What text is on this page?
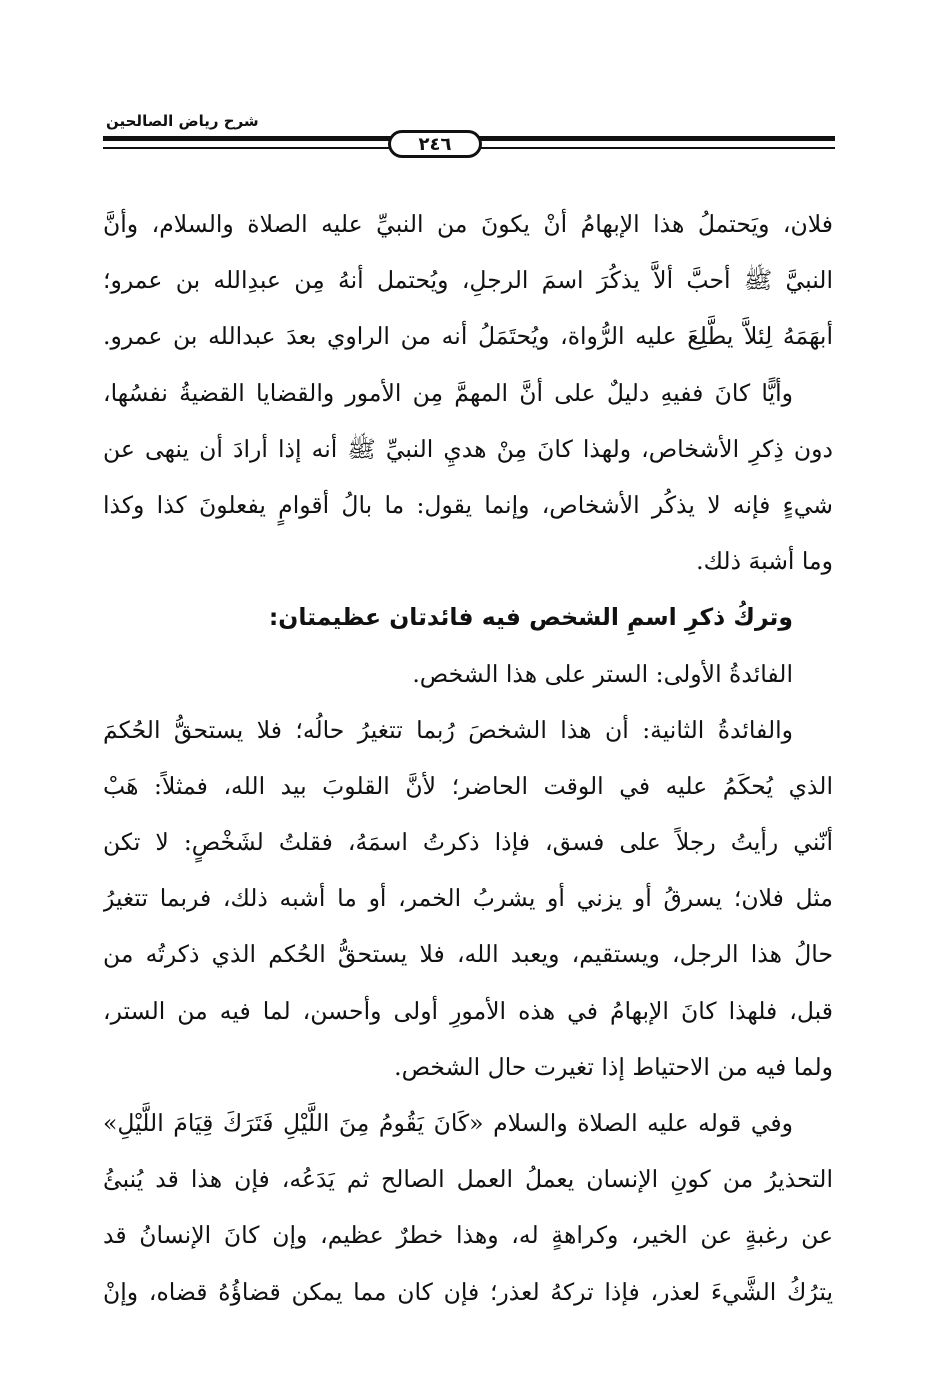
شرح رياض الصالحين
٢٤٦
فلان، ويَحتملُ هذا الإبهامُ أنْ يكونَ من النبيِّ عليه الصلاة والسلام، وأنَّ
النبيَّ ﷺ أحبَّ ألاَّ يذكُرَ اسمَ الرجلِ، ويُحتمل أنهُ مِن عبدِالله بن عمرو؛
أبهَمَهُ لِئلاَّ يطَّلِعَ عليه الرُّواة، ويُحتَمَلُ أنه من الراوي بعدَ عبدالله بن عمرو.
وأيًّا كانَ ففيهِ دليلٌ على أنَّ المهمَّ مِن الأمور والقضايا القضيةُ نفسُها،
دون ذِكرِ الأشخاص، ولهذا كانَ مِنْ هديِ النبيِّ ﷺ أنه إذا أرادَ أن ينهى عن
شيءٍ فإنه لا يذكُر الأشخاص، وإنما يقول: ما بالُ أقوامٍ يفعلونَ كذا وكذا
وما أشبهَ ذلك.
وتركُ ذكرِ اسمِ الشخص فيه فائدتان عظيمتان:
الفائدةُ الأولى: الستر على هذا الشخص.
والفائدةُ الثانية: أن هذا الشخصَ رُبما تتغيرُ حالُه؛ فلا يستحقُّ الحُكمَ
الذي يُحكَمُ عليه في الوقت الحاضر؛ لأنَّ القلوبَ بيد الله، فمثلاً: هَبْ
أنّني رأيتُ رجلاً على فسق، فإذا ذكرتُ اسمَهُ، فقلتُ لشَخْصٍ: لا تكن
مثل فلان؛ يسرقُ أو يزني أو يشربُ الخمر، أو ما أشبه ذلك، فربما تتغيرُ
حالُ هذا الرجل، ويستقيم، ويعبد الله، فلا يستحقُّ الحُكم الذي ذكرتُه من
قبل، فلهذا كانَ الإبهامُ في هذه الأمورِ أولى وأحسن، لما فيه من الستر،
ولما فيه من الاحتياط إذا تغيرت حال الشخص.
وفي قوله عليه الصلاة والسلام «كَانَ يَقُومُ مِنَ اللَّيْلِ فَتَرَكَ قِيَامَ اللَّيْلِ»
التحذيرُ من كونِ الإنسان يعملُ العمل الصالح ثم يَدَعُه، فإن هذا قد يُنبئُ
عن رغبةٍ عن الخير، وكراهةٍ له، وهذا خطرٌ عظيم، وإن كانَ الإنسانُ قد
يترُكُ الشَّيءَ لعذر، فإذا تركهُ لعذر؛ فإن كان مما يمكن قضاؤُهُ قضاه، وإنْ
